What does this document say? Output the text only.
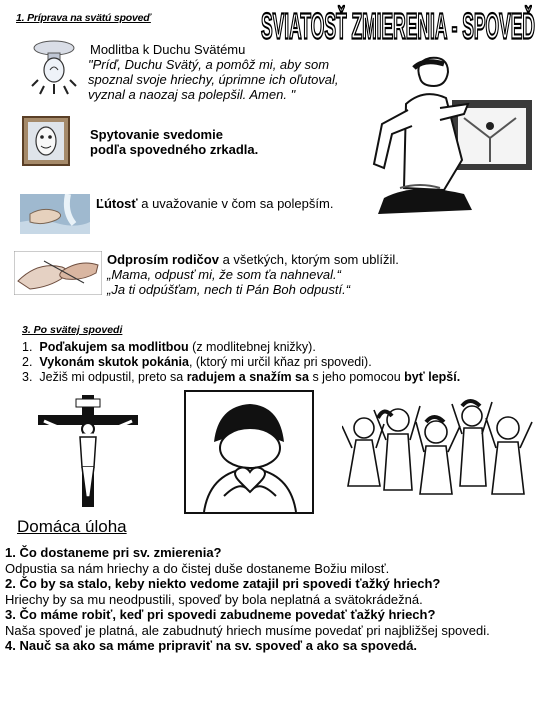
1. Príprava na svätú spoveď	SVIATOSŤ ZMIERENIA - SPOVEĎ
Modlitba k Duchu Svätému
"Príď, Duchu Svätý, a pomôž mi, aby som
spoznal svoje hriechy, úprimne ich oľutoval,
vyznal a naozaj sa polepšil. Amen. "
Spytovanie svedomie
podľa spovedného zrkadla.
Ľútosť a uvažovanie v čom sa polepším.
Odprosím rodičov a všetkých, ktorým som ublížil.
„Mama, odpusť mi, že som ťa nahneval.“
„Ja ti odpúšťam, nech ti Pán Boh odpustí.“
3. Po svätej spovedi
1. Poďakujem sa modlitbou (z modlitebnej knižky).
2. Vykonám skutok pokánia, (ktorý mi určil kňaz pri spovedi).
3. Ježiš mi odpustil, preto sa radujem a snažím sa s jeho pomocou byť lepší.
Domáca úloha
1. Čo dostaneme pri sv. zmierenia?
Odpustia sa nám hriechy a do čistej duše dostaneme Božiu milosť.
2. Čo by sa stalo, keby niekto vedome zatajil pri spovedi ťažký hriech?
Hriechy by sa mu neodpustili, spoveď by bola neplatná a svätokrádežná.
3. Čo máme robiť, keď pri spovedi zabudneme povedať ťažký hriech?
Naša spoveď je platná, ale zabudnutý hriech musíme povedať pri najbližšej spovedi.
4. Nauč sa ako sa máme pripraviť na sv. spoveď a ako sa spovedá.
